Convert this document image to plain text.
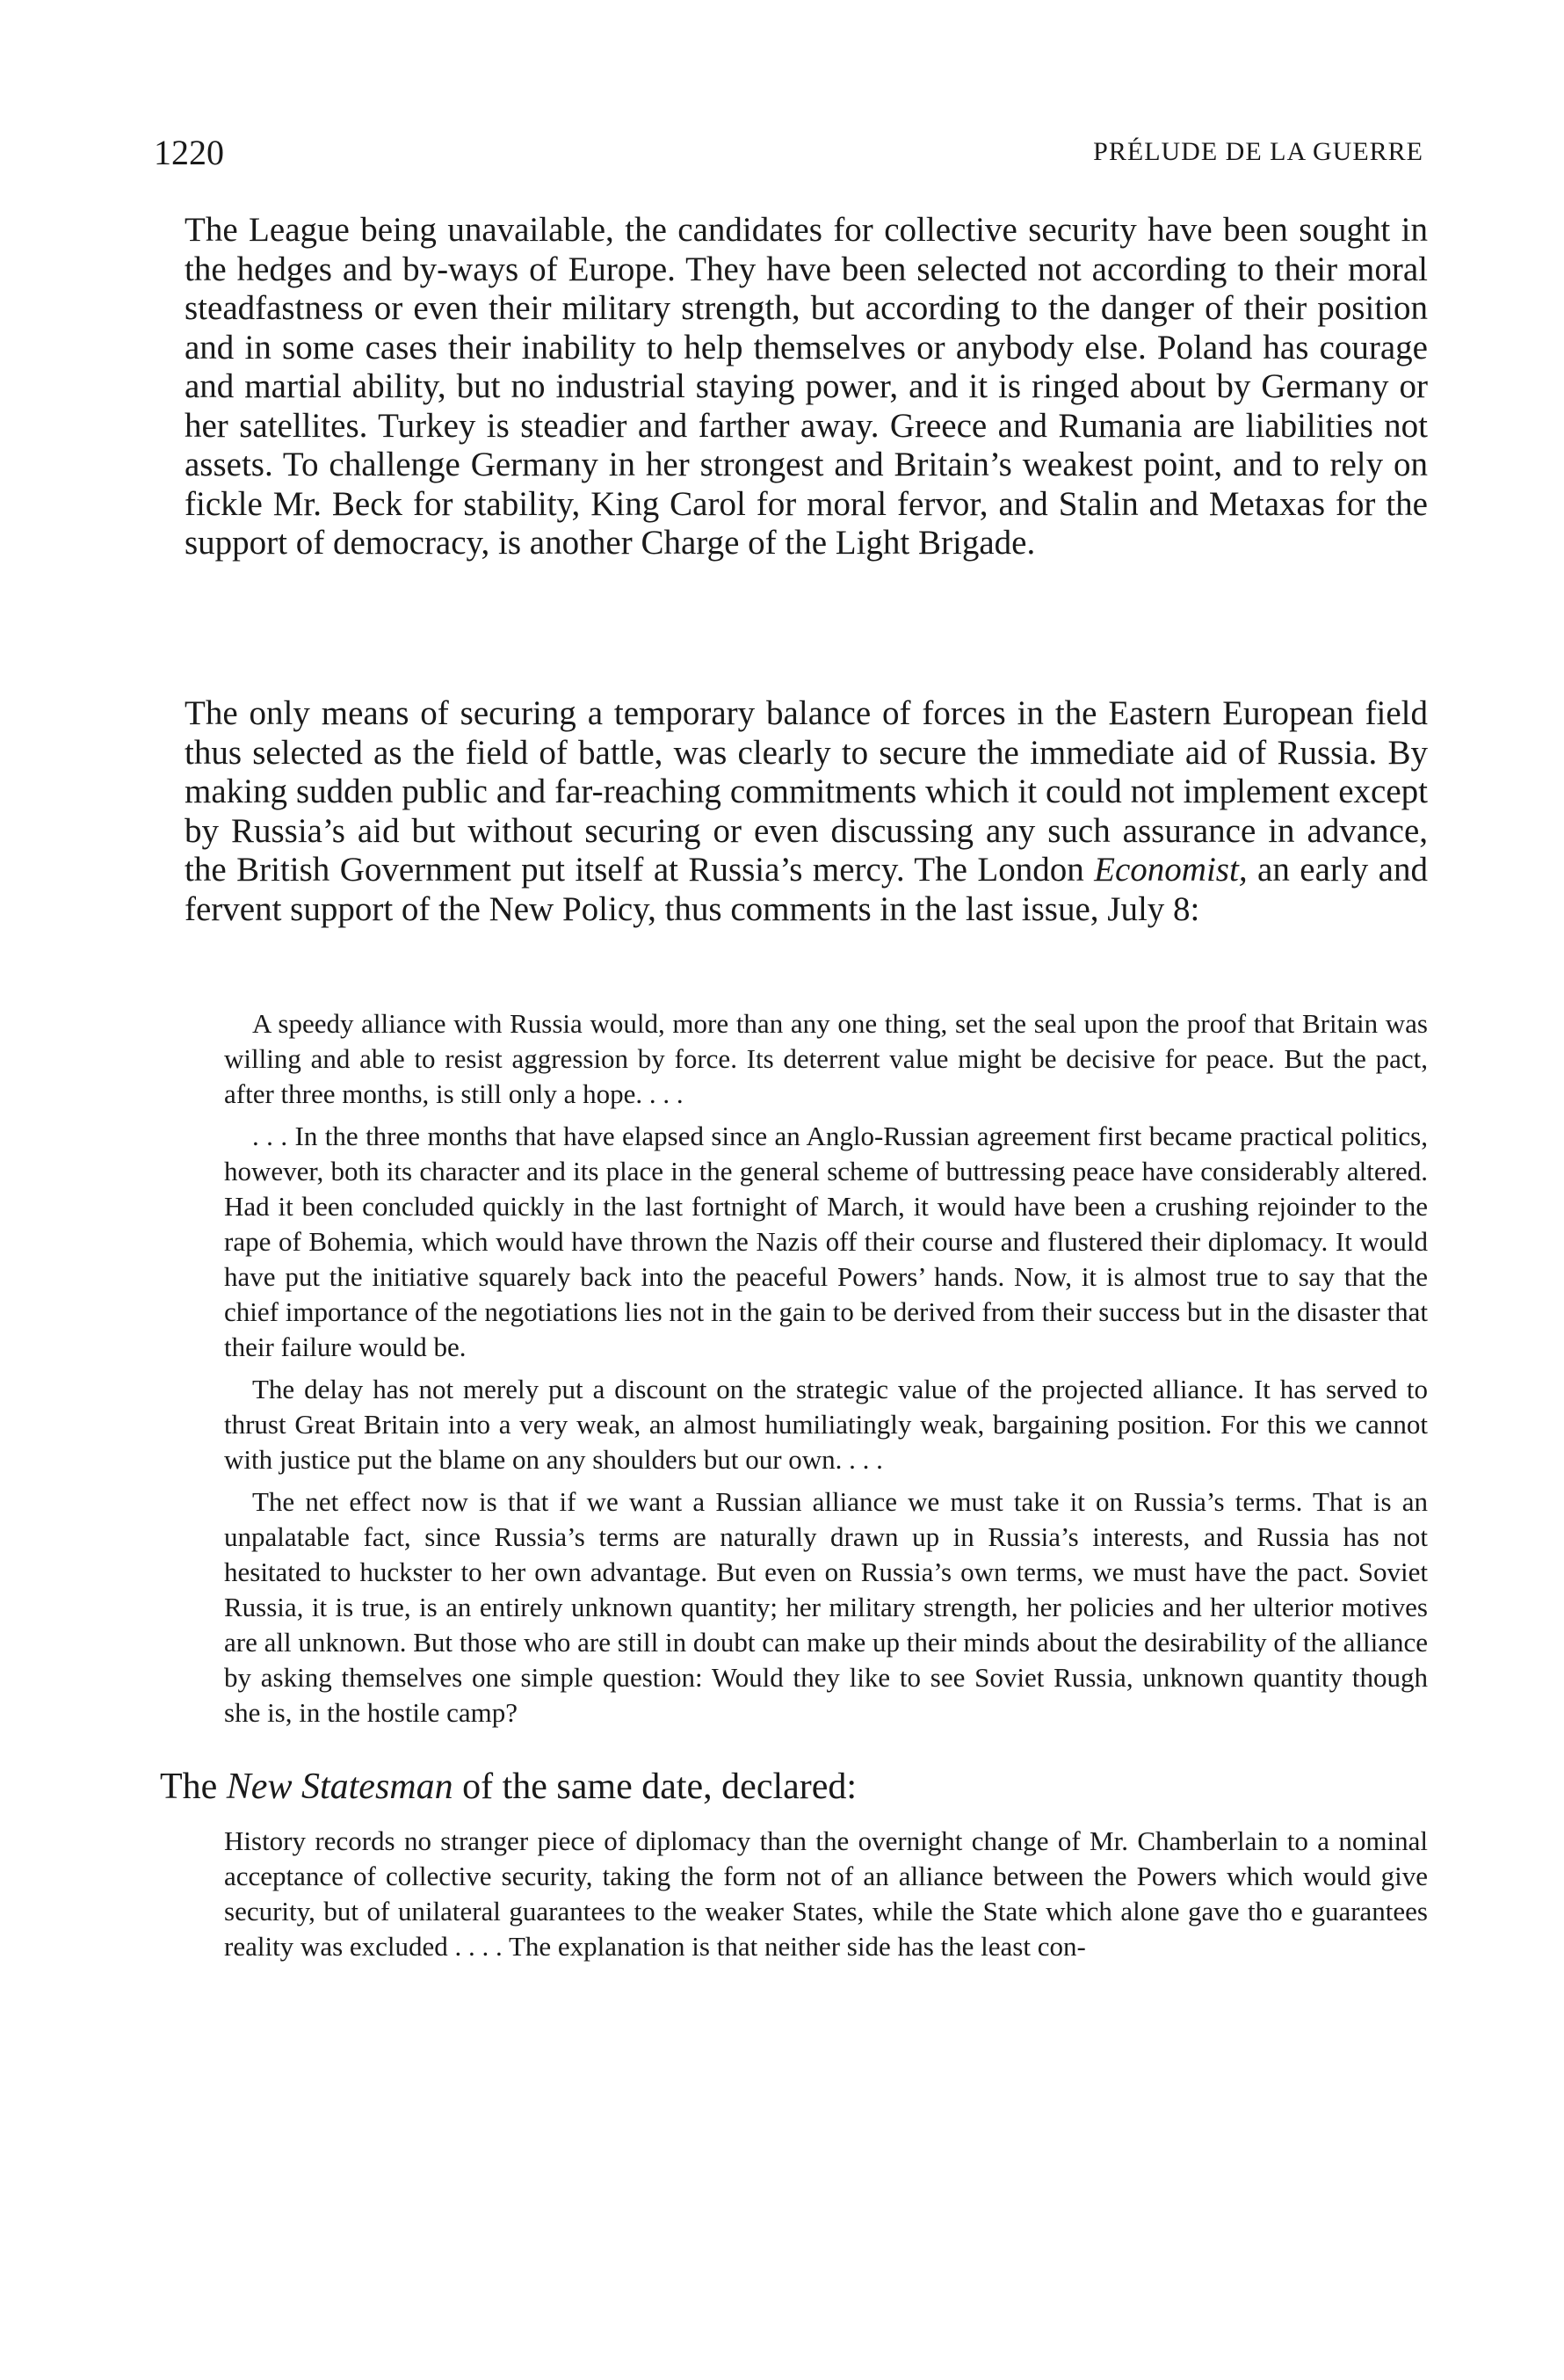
1220	PRÉLUDE DE LA GUERRE

The League being unavailable, the candidates for collective security have been sought in the hedges and by-ways of Europe. They have been selected not according to their moral steadfastness or even their military strength, but according to the danger of their position and in some cases their inability to help themselves or anybody else. Poland has courage and martial ability, but no industrial staying power, and it is ringed about by Germany or her satellites. Turkey is steadier and farther away. Greece and Rumania are liabilities not assets. To challenge Germany in her strongest and Britain’s weakest point, and to rely on fickle Mr. Beck for stability, King Carol for moral fervor, and Stalin and Metaxas for the support of democracy, is another Charge of the Light Brigade.

The only means of securing a temporary balance of forces in the Eastern European field thus selected as the field of battle, was clearly to secure the immediate aid of Russia. By making sudden public and far-reaching commitments which it could not implement except by Russia’s aid but without securing or even discussing any such assurance in advance, the British Government put itself at Russia’s mercy. The London Economist, an early and fervent support of the New Policy, thus comments in the last issue, July 8:

A speedy alliance with Russia would, more than any one thing, set the seal upon the proof that Britain was willing and able to resist aggression by force. Its deterrent value might be decisive for peace. But the pact, after three months, is still only a hope. . . .

. . . In the three months that have elapsed since an Anglo-Russian agreement first became practical politics, however, both its character and its place in the general scheme of buttressing peace have considerably altered. Had it been concluded quickly in the last fortnight of March, it would have been a crushing rejoinder to the rape of Bohemia, which would have thrown the Nazis off their course and flustered their diplomacy. It would have put the initiative squarely back into the peaceful Powers’ hands. Now, it is almost true to say that the chief importance of the negotiations lies not in the gain to be derived from their success but in the disaster that their failure would be.

The delay has not merely put a discount on the strategic value of the projected alliance. It has served to thrust Great Britain into a very weak, an almost humiliatingly weak, bargaining position. For this we cannot with justice put the blame on any shoulders but our own. . . .

The net effect now is that if we want a Russian alliance we must take it on Russia’s terms. That is an unpalatable fact, since Russia’s terms are naturally drawn up in Russia’s interests, and Russia has not hesitated to huckster to her own advantage. But even on Russia’s own terms, we must have the pact. Soviet Russia, it is true, is an entirely unknown quantity; her military strength, her policies and her ulterior motives are all unknown. But those who are still in doubt can make up their minds about the desirability of the alliance by asking themselves one simple question: Would they like to see Soviet Russia, unknown quantity though she is, in the hostile camp?

The New Statesman of the same date, declared:

History records no stranger piece of diplomacy than the overnight change of Mr. Chamberlain to a nominal acceptance of collective security, taking the form not of an alliance between the Powers which would give security, but of unilateral guarantees to the weaker States, while the State which alone gave tho e guarantees reality was excluded . . . . The explanation is that neither side has the least con-
